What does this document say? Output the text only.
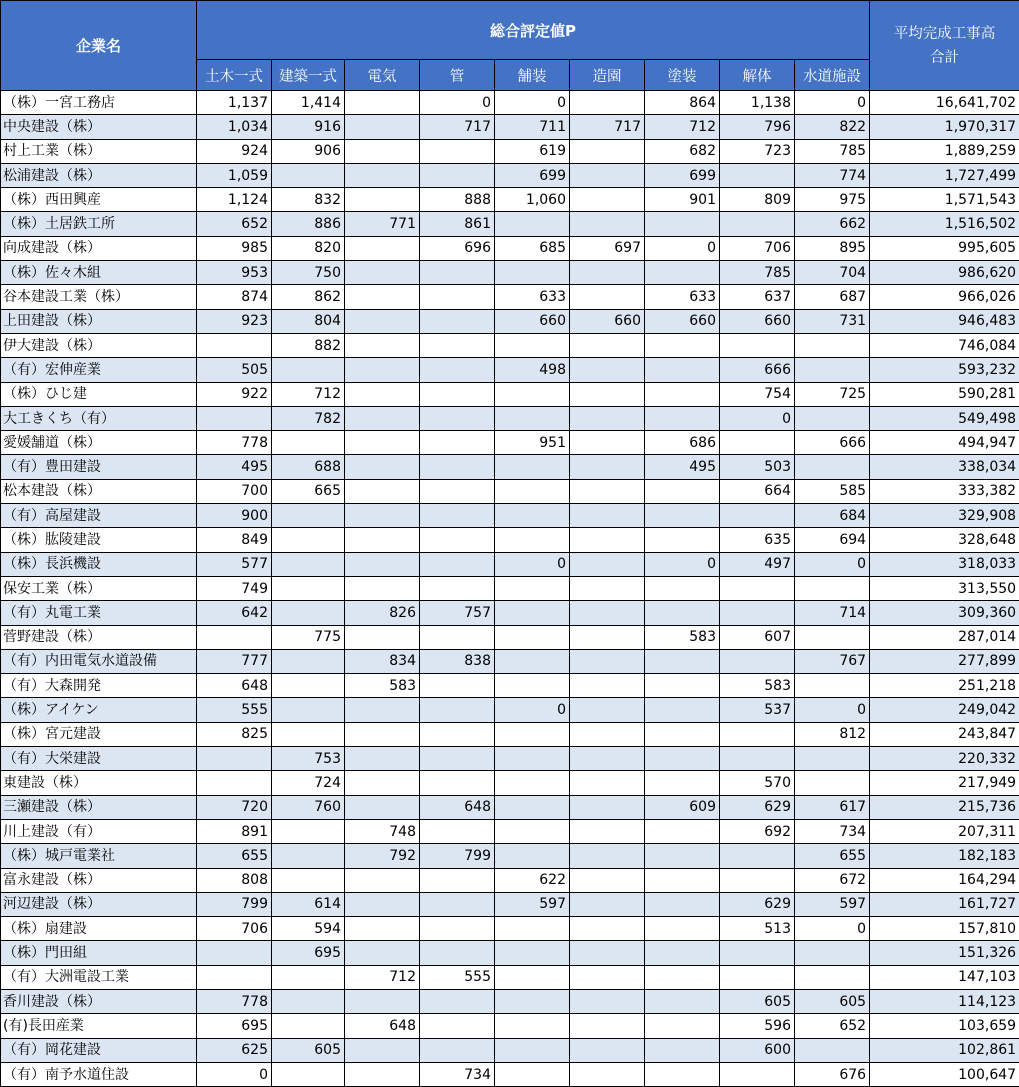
企業名	総合評定値P									平均完成工事高
合計

	土木一式	建築一式	電気	管	舗装	造園	塗装	解体	水道施設	
（株）一宮工務店	1,137	1,414		0	0		864	1,138	0	16,641,702
中央建設（株）	1,034	916		717	711	717	712	796	822	1,970,317
村上工業（株）	924	906			619		682	723	785	1,889,259
松浦建設（株）	1,059				699		699		774	1,727,499
（株）西田興産	1,124	832		888	1,060		901	809	975	1,571,543
（株）土居鉄工所	652	886	771	861					662	1,516,502
向成建設（株）	985	820		696	685	697	0	706	895	995,605
（株）佐々木組	953	750						785	704	986,620
谷本建設工業（株）	874	862			633		633	637	687	966,026
上田建設（株）	923	804			660	660	660	660	731	946,483
伊大建設（株）		882								746,084
（有）宏伸産業	505				498			666		593,232
（株）ひじ建	922	712						754	725	590,281
大工きくち（有）		782						0		549,498
愛媛舗道（株）	778				951		686		666	494,947
（有）豊田建設	495	688					495	503		338,034
松本建設（株）	700	665						664	585	333,382
（有）高屋建設	900								684	329,908
（株）肱陵建設	849							635	694	328,648
（株）長浜機設	577				0		0	497	0	318,033
保安工業（株）	749									313,550
（有）丸電工業	642		826	757					714	309,360
菅野建設（株）		775					583	607		287,014
（有）内田電気水道設備	777		834	838					767	277,899
（有）大森開発	648		583					583		251,218
（株）アイケン	555				0			537	0	249,042
（株）宮元建設	825								812	243,847
（有）大栄建設		753								220,332
東建設（株）		724						570		217,949
三瀬建設（株）	720	760		648			609	629	617	215,736
川上建設（有）	891		748					692	734	207,311
（株）城戸電業社	655		792	799					655	182,183
富永建設（株）	808				622				672	164,294
河辺建設（株）	799	614			597			629	597	161,727
（株）扇建設	706	594						513	0	157,810
（株）門田組		695								151,326
（有）大洲電設工業			712	555						147,103
香川建設（株）	778							605	605	114,123
(有)長田産業	695		648					596	652	103,659
（有）岡花建設	625	605						600		102,861
（有）南予水道住設	0			734					676	100,647
